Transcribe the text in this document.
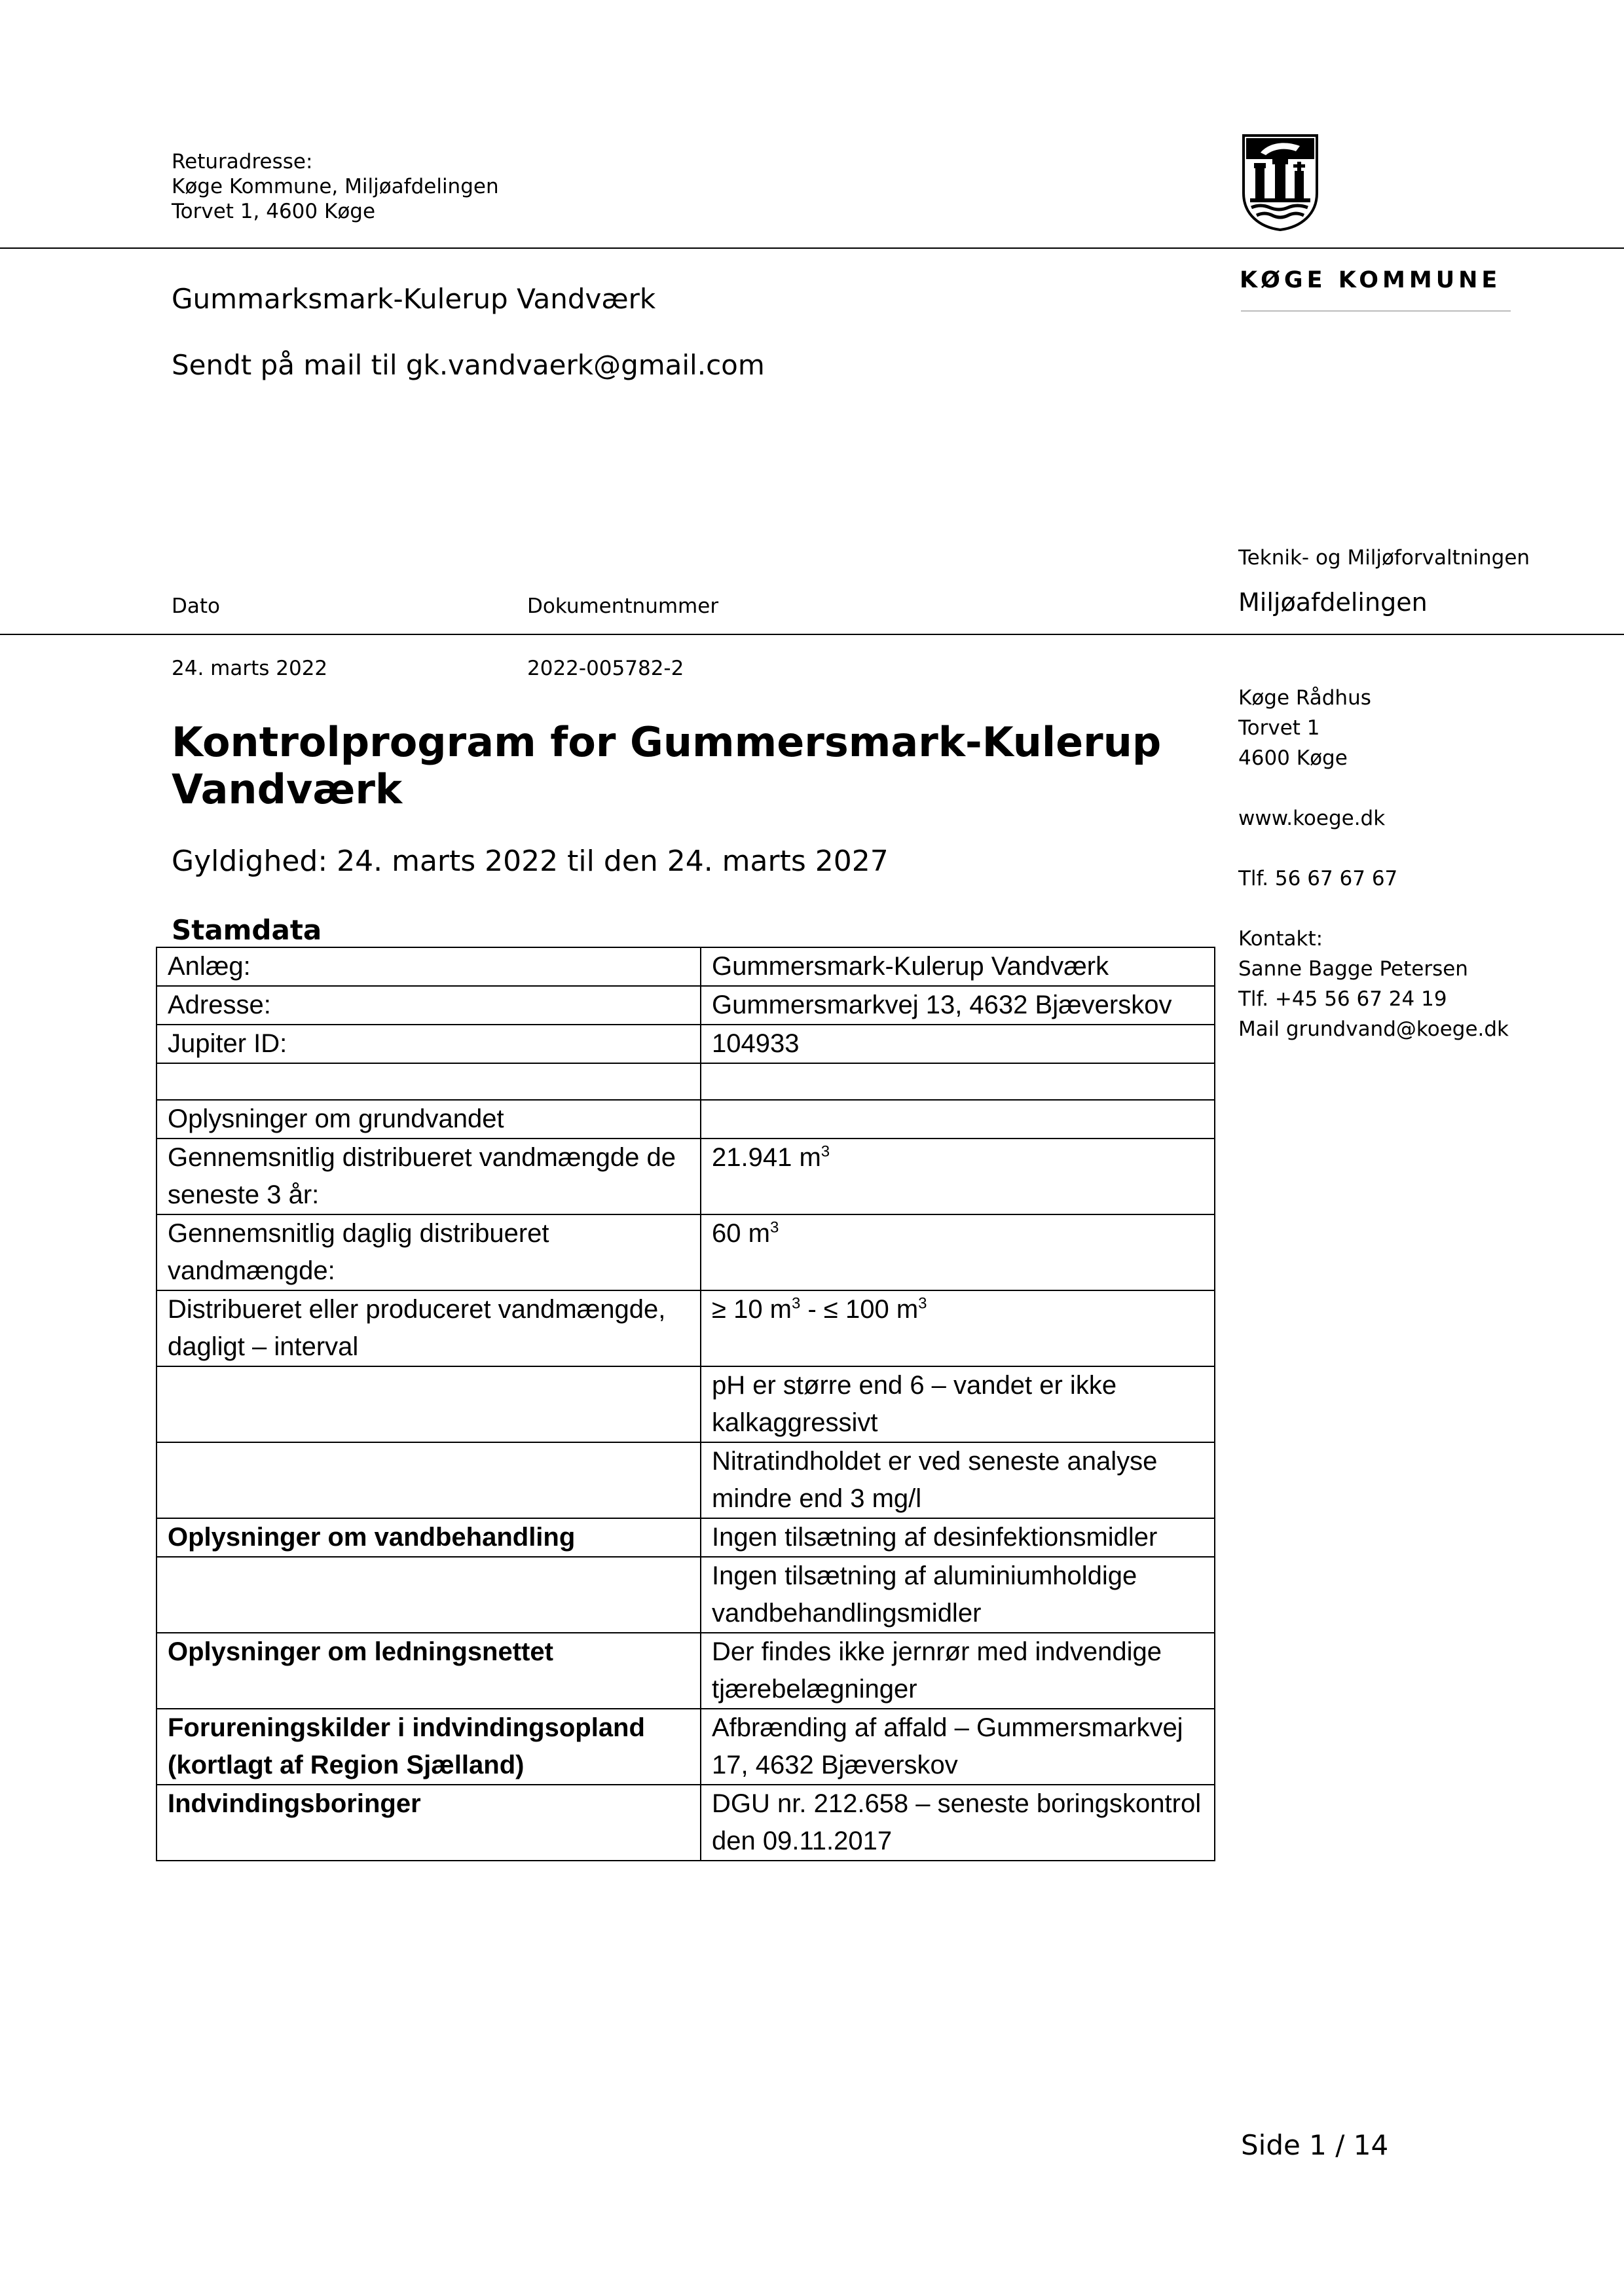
Returadresse:
Køge Kommune, Miljøafdelingen
Torvet 1, 4600 Køge
KØGE KOMMUNE
Gummarksmark-Kulerup Vandværk
Sendt på mail til gk.vandvaerk@gmail.com
Teknik- og Miljøforvaltningen
Miljøafdelingen
Dato	Dokumentnummer
24. marts 2022	2022-005782-2
Køge Rådhus
Torvet 1
4600 Køge
www.koege.dk
Tlf. 56 67 67 67
Kontakt:
Sanne Bagge Petersen
Tlf. +45 56 67 24 19
Mail grundvand@koege.dk
Kontrolprogram for Gummersmark-Kulerup Vandværk
Gyldighed: 24. marts 2022 til den 24. marts 2027
Stamdata
Anlæg:	Gummersmark-Kulerup Vandværk
Adresse:	Gummersmarkvej 13, 4632 Bjæverskov
Jupiter ID:	104933

Oplysninger om grundvandet	
Gennemsnitlig distribueret vandmængde de seneste 3 år:	21.941 $m^3$
Gennemsnitlig daglig distribueret vandmængde:	60 $m^3$
Distribueret eller produceret vandmængde, dagligt – interval	≥ 10 $m^3$ - ≤ 100 $m^3$
	pH er større end 6 – vandet er ikke kalkaggressivt
	Nitratindholdet er ved seneste analyse mindre end 3 mg/l
Oplysninger om vandbehandling	Ingen tilsætning af desinfektionsmidler
	Ingen tilsætning af aluminiumholdige vandbehandlingsmidler
Oplysninger om ledningsnettet	Der findes ikke jernrør med indvendige tjærebelægninger
Forureningskilder i indvindingsopland (kortlagt af Region Sjælland)	Afbrænding af affald – Gummersmarkvej 17, 4632 Bjæverskov
Indvindingsboringer	DGU nr. 212.658 – seneste boringskontrol den 09.11.2017
Side 1 / 14
